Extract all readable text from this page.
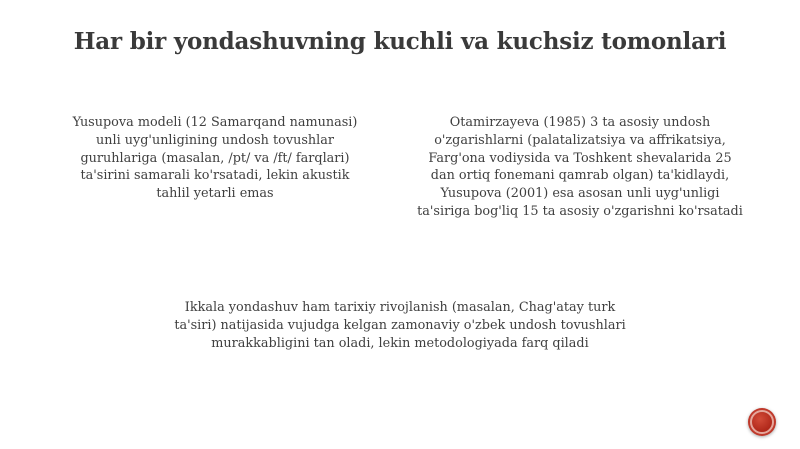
Har bir yondashuvning kuchli va kuchsiz tomonlari
Yusupova modeli (12 Samarqand namunasi)
unli uyg'unligining undosh tovushlar
guruhlariga (masalan, /pt/ va /ft/ farqlari)
ta'sirini samarali ko'rsatadi, lekin akustik
tahlil yetarli emas
Otamirzayeva (1985) 3 ta asosiy undosh
o'zgarishlarni (palatalizatsiya va affrikatsiya,
Farg'ona vodiysida va Toshkent shevalarida 25
dan ortiq fonemani qamrab olgan) ta'kidlaydi,
Yusupova (2001) esa asosan unli uyg'unligi
ta'siriga bog'liq 15 ta asosiy o'zgarishni ko'rsatadi
Ikkala yondashuv ham tarixiy rivojlanish (masalan, Chag'atay turk
ta'siri) natijasida vujudga kelgan zamonaviy o'zbek undosh tovushlari
murakkabligini tan oladi, lekin metodologiyada farq qiladi
